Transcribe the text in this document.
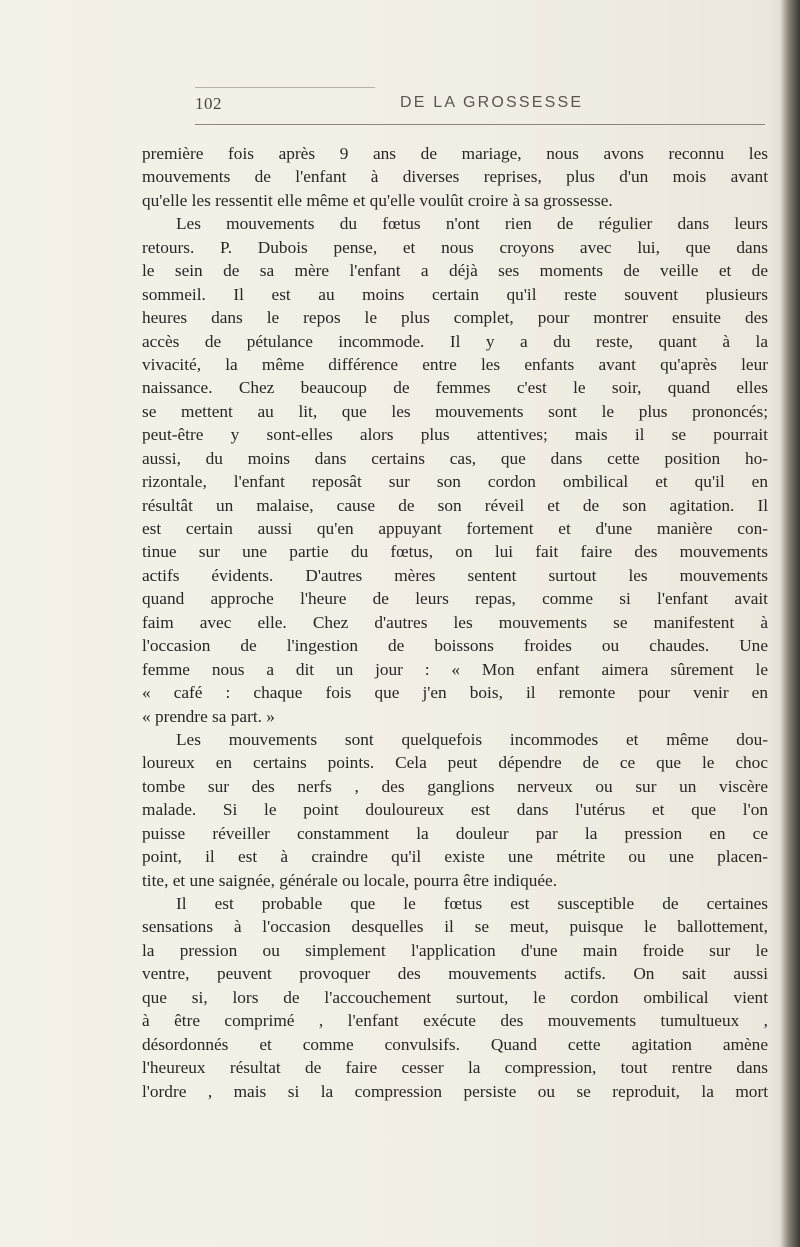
102	DE LA GROSSESSE
première fois après 9 ans de mariage, nous avons reconnu les
mouvements de l'enfant à diverses reprises, plus d'un mois avant
qu'elle les ressentit elle même et qu'elle voulût croire à sa grossesse.
Les mouvements du fœtus n'ont rien de régulier dans leurs
retours. P. Dubois pense, et nous croyons avec lui, que dans
le sein de sa mère l'enfant a déjà ses moments de veille et de
sommeil. Il est au moins certain qu'il reste souvent plusieurs
heures dans le repos le plus complet, pour montrer ensuite des
accès de pétulance incommode. Il y a du reste, quant à la
vivacité, la même différence entre les enfants avant qu'après leur
naissance. Chez beaucoup de femmes c'est le soir, quand elles
se mettent au lit, que les mouvements sont le plus prononcés;
peut-être y sont-elles alors plus attentives; mais il se pourrait
aussi, du moins dans certains cas, que dans cette position ho-
rizontale, l'enfant reposât sur son cordon ombilical et qu'il en
résultât un malaise, cause de son réveil et de son agitation. Il
est certain aussi qu'en appuyant fortement et d'une manière con-
tinue sur une partie du fœtus, on lui fait faire des mouvements
actifs évidents. D'autres mères sentent surtout les mouvements
quand approche l'heure de leurs repas, comme si l'enfant avait
faim avec elle. Chez d'autres les mouvements se manifestent à
l'occasion de l'ingestion de boissons froides ou chaudes. Une
femme nous a dit un jour : « Mon enfant aimera sûrement le
« café : chaque fois que j'en bois, il remonte pour venir en
« prendre sa part. »
Les mouvements sont quelquefois incommodes et même dou-
loureux en certains points. Cela peut dépendre de ce que le choc
tombe sur des nerfs , des ganglions nerveux ou sur un viscère
malade. Si le point douloureux est dans l'utérus et que l'on
puisse réveiller constamment la douleur par la pression en ce
point, il est à craindre qu'il existe une métrite ou une placen-
tite, et une saignée, générale ou locale, pourra être indiquée.
Il est probable que le fœtus est susceptible de certaines
sensations à l'occasion desquelles il se meut, puisque le ballottement,
la pression ou simplement l'application d'une main froide sur le
ventre, peuvent provoquer des mouvements actifs. On sait aussi
que si, lors de l'accouchement surtout, le cordon ombilical vient
à être comprimé , l'enfant exécute des mouvements tumultueux ,
désordonnés et comme convulsifs. Quand cette agitation amène
l'heureux résultat de faire cesser la compression, tout rentre dans
l'ordre , mais si la compression persiste ou se reproduit, la mort
